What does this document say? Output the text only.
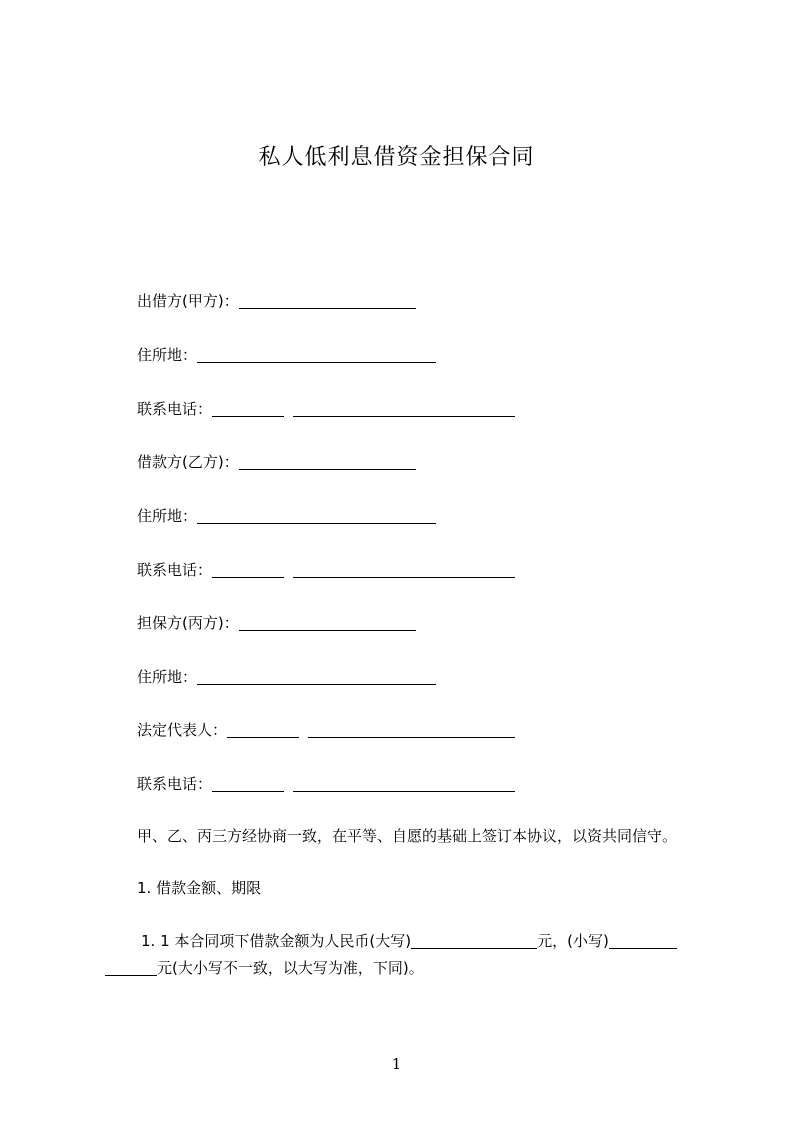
私人低利息借资金担保合同
出借方(甲方)：
住所地：
联系电话：
借款方(乙方)：
住所地：
联系电话：
担保方(丙方)：
住所地：
法定代表人：
联系电话：
甲、乙、丙三方经协商一致，在平等、自愿的基础上签订本协议，以资共同信守。
1. 借款金额、期限
1. 1 本合同项下借款金额为人民币(大写)	元，(小写)
元(大小写不一致，以大写为准，下同)。
1
